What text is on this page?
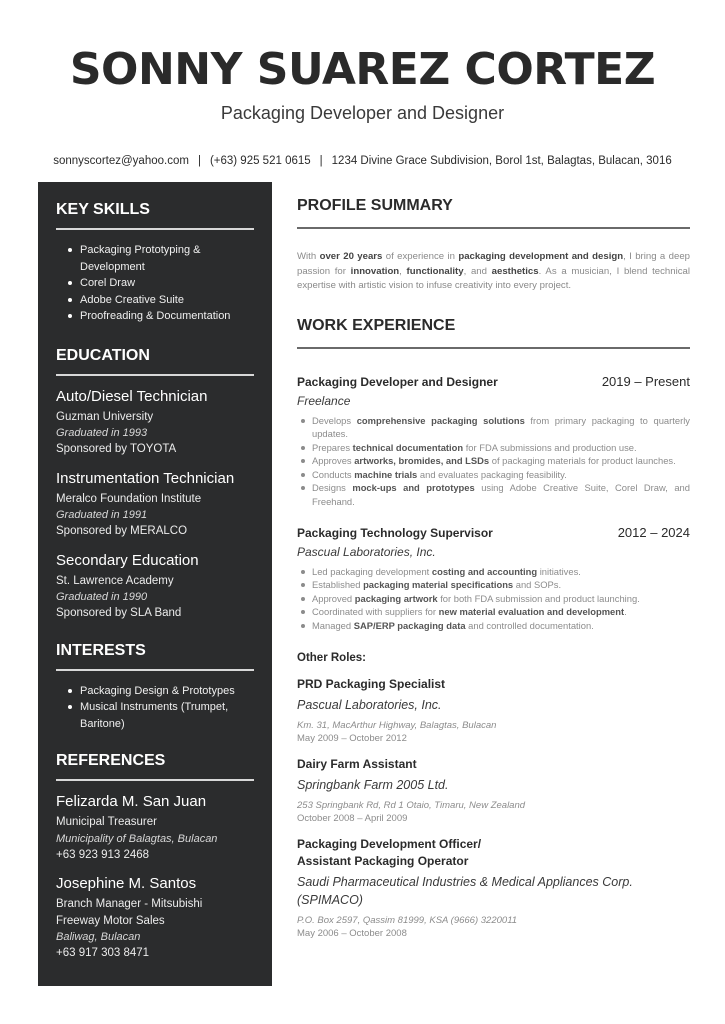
SONNY SUAREZ CORTEZ
Packaging Developer and Designer
sonnyscortez@yahoo.com | (+63) 925 521 0615 | 1234 Divine Grace Subdivision, Borol 1st, Balagtas, Bulacan, 3016
KEY SKILLS
Packaging Prototyping & Development
Corel Draw
Adobe Creative Suite
Proofreading & Documentation
EDUCATION
Auto/Diesel Technician
Guzman University
Graduated in 1993
Sponsored by TOYOTA
Instrumentation Technician
Meralco Foundation Institute
Graduated in 1991
Sponsored by MERALCO
Secondary Education
St. Lawrence Academy
Graduated in 1990
Sponsored by SLA Band
INTERESTS
Packaging Design & Prototypes
Musical Instruments (Trumpet, Baritone)
REFERENCES
Felizarda M. San Juan
Municipal Treasurer
Municipality of Balagtas, Bulacan
+63 923 913 2468
Josephine M. Santos
Branch Manager - Mitsubishi
Freeway Motor Sales
Baliwag, Bulacan
+63 917 303 8471
PROFILE SUMMARY

With over 20 years of experience in packaging development and design, I bring a deep passion for innovation, functionality, and aesthetics. As a musician, I blend technical expertise with artistic vision to infuse creativity into every project.

WORK EXPERIENCE
Packaging Developer and Designer	2019 – Present
Freelance
Develops comprehensive packaging solutions from primary packaging to quarterly updates.
Prepares technical documentation for FDA submissions and production use.
Approves artworks, bromides, and LSDs of packaging materials for product launches.
Conducts machine trials and evaluates packaging feasibility.
Designs mock-ups and prototypes using Adobe Creative Suite, Corel Draw, and Freehand.
Packaging Technology Supervisor	2012 – 2024
Pascual Laboratories, Inc.
Led packaging development costing and accounting initiatives.
Established packaging material specifications and SOPs.
Approved packaging artwork for both FDA submission and product launching.
Coordinated with suppliers for new material evaluation and development.
Managed SAP/ERP packaging data and controlled documentation.
Other Roles:
PRD Packaging Specialist
Pascual Laboratories, Inc.
Km. 31, MacArthur Highway, Balagtas, Bulacan
May 2009 – October 2012
Dairy Farm Assistant
Springbank Farm 2005 Ltd.
253 Springbank Rd, Rd 1 Otaio, Timaru, New Zealand
October 2008 – April 2009
Packaging Development Officer/
Assistant Packaging Operator
Saudi Pharmaceutical Industries & Medical Appliances Corp. (SPIMACO)
P.O. Box 2597, Qassim 81999, KSA (9666) 3220011
May 2006 – October 2008
